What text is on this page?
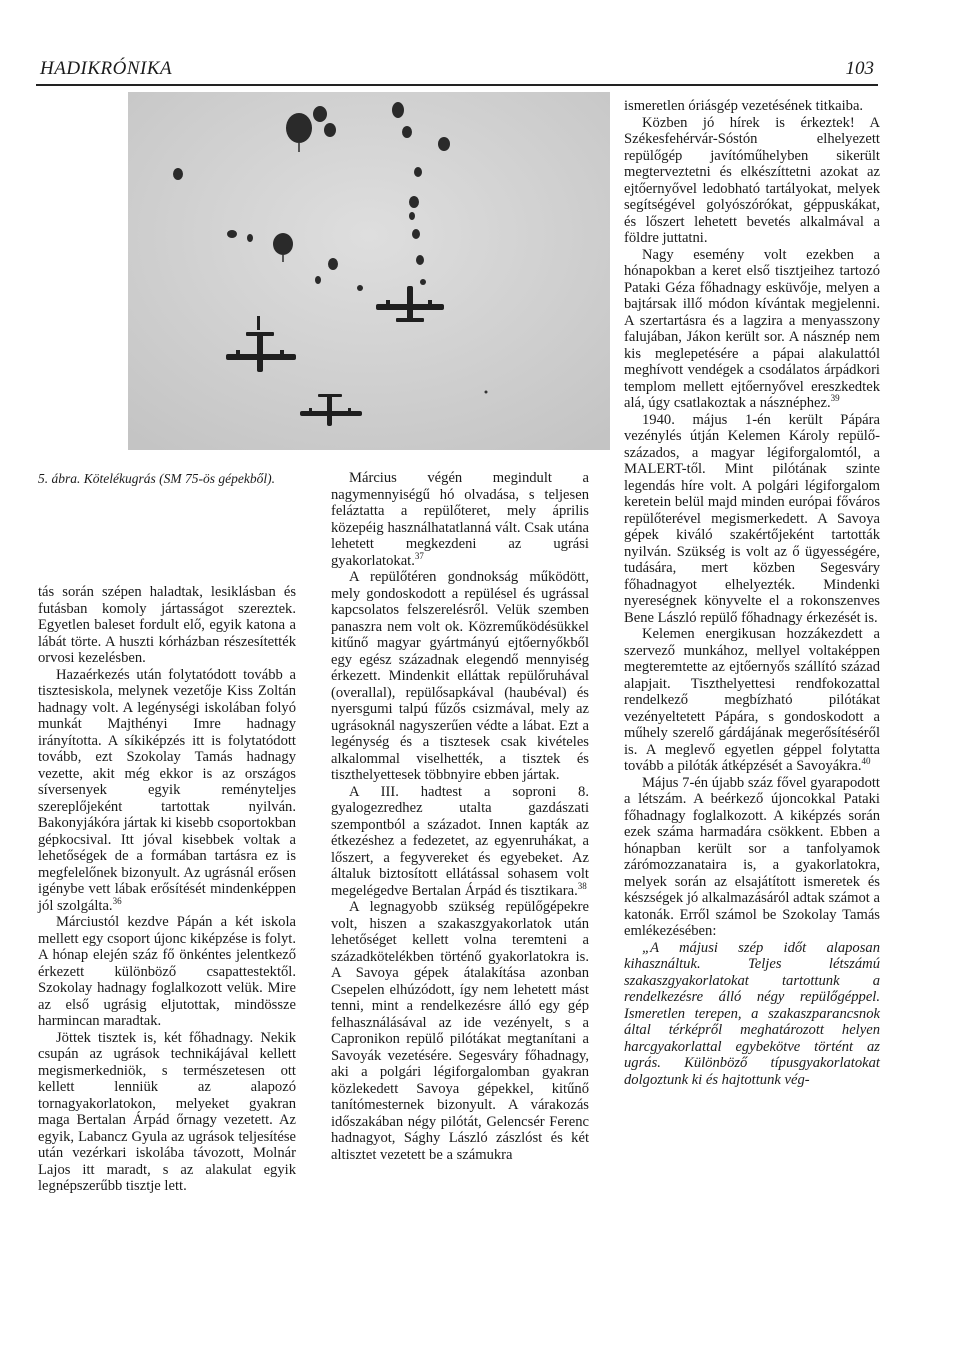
HADIKRÓNIKA	103
5. ábra. Kötelékugrás (SM 75-ös gépekből).

tás során szépen haladtak, lesiklásban és futásban komoly jártasságot szereztek. Egyetlen baleset fordult elő, egyik katona a lábát törte. A huszti kórházban részesítették orvosi kezelésben.

Hazaérkezés után folytatódott tovább a tisztesiskola, melynek vezetője Kiss Zoltán hadnagy volt. A legénységi iskolában folyó munkát Majthényi Imre hadnagy irányította. A síkiképzés itt is folytatódott tovább, ezt Szokolay Tamás hadnagy vezette, akit még ekkor is az országos síversenyek egyik reményteljes szereplőjeként tartottak nyilván. Bakonyjákóra jártak ki kisebb csoportokban gépkocsival. Itt jóval kisebbek voltak a lehetőségek de a formában tartásra ez is megfelelőnek bizonyult. Az ugrásnál erősen igénybe vett lábak erősítését mindenképpen jól szolgálta.$^{36}$

Márciustól kezdve Pápán a két iskola mellett egy csoport újonc kiképzése is folyt. A hónap elején száz fő önkéntes jelentkező érkezett különböző csapattestektől. Szokolay hadnagy foglalkozott velük. Mire az első ugrásig eljutottak, mindössze harmincan maradtak.

Jöttek tisztek is, két főhadnagy. Nekik csupán az ugrások technikájával kellett megismerkedniök, s természetesen ott kellett lenniük az alapozó tornagyakorlatokon, melyeket gyakran maga Bertalan Árpád őrnagy vezetett. Az egyik, Labancz Gyula az ugrások teljesítése után vezérkari iskolába távozott, Molnár Lajos itt maradt, s az alakulat egyik legnépszerűbb tisztje lett.

Március végén megindult a nagymennyiségű hó olvadása, s teljesen feláztatta a repülőteret, mely április közepéig használhatatlanná vált. Csak utána lehetett megkezdeni az ugrási gyakorlatokat.$^{37}$

A repülőtéren gondnokság működött, mely gondoskodott a repülésel és ugrással kapcsolatos felszerelésről. Velük szemben panaszra nem volt ok. Közreműködésükkel kitűnő magyar gyártmányú ejtőernyőkből egy egész századnak elegendő mennyiség érkezett. Mindenkit elláttak repülőruhával (overallal), repülősapkával (haubéval) és nyersgumi talpú fűzős csizmával, mely az ugrásoknál nagyszerűen védte a lábat. Ezt a legénység és a tisztesek csak kivételes alkalommal viselhették, a tisztek és tiszthelyettesek többnyire ebben jártak.

A III. hadtest a soproni 8. gyalogezredhez utalta gazdászati szempontból a századot. Innen kapták az étkezéshez a fedezetet, az egyenruhákat, a lőszert, a fegyvereket és egyebeket. Az általuk biztosított ellátással sohasem volt megelégedve Bertalan Árpád és tisztikara.$^{38}$

A legnagyobb szükség repülőgépekre volt, hiszen a szakaszgyakorlatok után lehetőséget kellett volna teremteni a századkötelékben történő gyakorlatokra is. A Savoya gépek átalakítása azonban Csepelen elhúzódott, így nem lehetett mást tenni, mint a rendelkezésre álló egy gép felhasználásával az ide vezényelt, s a Capronikon repülő pilótákat megtanítani a Savoyák vezetésére. Segesváry főhadnagy, aki a polgári légiforgalomban gyakran közlekedett Savoya gépekkel, kitűnő tanítómesternek bizonyult. A várakozás időszakában négy pilótát, Gelencsér Ferenc hadnagyot, Sághy László zászlóst és két altisztet vezetett be a számukra

ismeretlen óriásgép vezetésének titkaiba.

Közben jó hírek is érkeztek! A Székesfehérvár-Sóstón elhelyezett repülőgép javítóműhelyben sikerült megterveztetni és elkészíttetni azokat az ejtőernyővel ledobható tartályokat, melyek segítségével golyószórókat, géppuskákat, és lőszert lehetett bevetés alkalmával a földre juttatni.

Nagy esemény volt ezekben a hónapokban a keret első tisztjeihez tartozó Pataki Géza főhadnagy esküvője, melyen a bajtársak illő módon kívántak megjelenni. A szertartásra és a lagzira a menyasszony falujában, Jákon került sor. A násznép nem kis meglepetésére a pápai alakulattól meghívott vendégek a csodálatos árpádkori templom mellett ejtőernyővel ereszkedtek alá, úgy csatlakoztak a násznéphez.$^{39}$

1940. május 1-én került Pápára vezénylés útján Kelemen Károly repülő-százados, a magyar légiforgalomtól, a MALERT-től. Mint pilótának szinte legendás híre volt. A polgári légiforgalom keretein belül majd minden európai főváros repülőterével megismerkedett. A Savoya gépek kiváló szakértőjeként tartották nyilván. Szükség is volt az ő ügyességére, tudására, mert közben Segesváry főhadnagyot elhelyezték. Mindenki nyereségnek könyvelte el a rokonszenves Bene László repülő főhadnagy érkezését is.

Kelemen energikusan hozzákezdett a szervező munkához, mellyel voltaképpen megteremtette az ejtőernyős szállító század alapjait. Tiszthelyettesi rendfokozattal rendelkező megbízható pilótákat vezényeltetett Pápára, s gondoskodott a műhely szerelő gárdájának megerősítéséről is. A meglevő egyetlen géppel folytatta tovább a pilóták átképzését a Savoyákra.$^{40}$

Május 7-én újabb száz fővel gyarapodott a létszám. A beérkező újoncokkal Pataki főhadnagy foglalkozott. A kiképzés során ezek száma harmadára csökkent. Ebben a hónapban került sor a tanfolyamok zárómozzanataira is, a gyakorlatokra, melyek során az elsajátított ismeretek és készségek jó alkalmazásáról adtak számot a katonák. Erről számol be Szokolay Tamás emlékezésében:

„A májusi szép időt alaposan kihasználtuk. Teljes létszámú szakaszgyakorlatokat tartottunk a rendelkezésre álló négy repülőgéppel. Ismeretlen terepen, a szakaszparancsnok által térképről meghatározott helyen harcgyakorlattal egybekötve történt az ugrás. Különböző típusgyakorlatokat dolgoztunk ki és hajtottunk vég-
